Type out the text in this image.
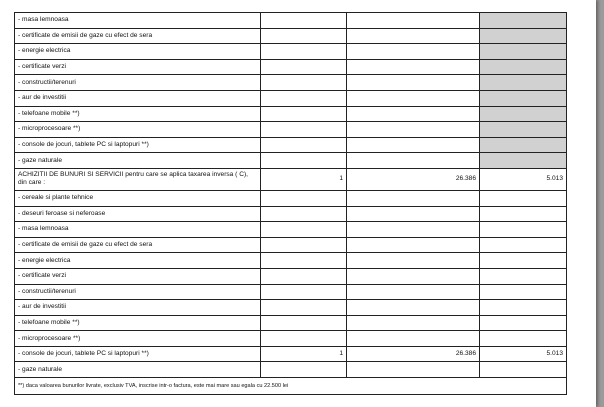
- masa lemnoasa			
- certificate de emisii de gaze cu efect de sera			
- energie electrica			
- certificate verzi			
- constructii/terenuri			
- aur de investitii			
- telefoane mobile **)			
- microprocesoare **)			
- console de jocuri, tablete PC si laptopuri **)			
- gaze naturale			
ACHIZITII DE BUNURI SI SERVICII pentru care se aplica taxarea inversa ( C), din care :	1	26.386	5.013
- cereale si plante tehnice			
- deseuri feroase si neferoase			
- masa lemnoasa			
- certificate de emisii de gaze cu efect de sera			
- energie electrica			
- certificate verzi			
- constructii/terenuri			
- aur de investitii			
- telefoane mobile **)			
- microprocesoare **)			
- console de jocuri, tablete PC si laptopuri **)	1	26.386	5.013
- gaze naturale			
**) daca valoarea bunurilor livrate, exclusiv TVA, inscrise intr-o factura, este mai mare sau egala cu 22.500 lei			
